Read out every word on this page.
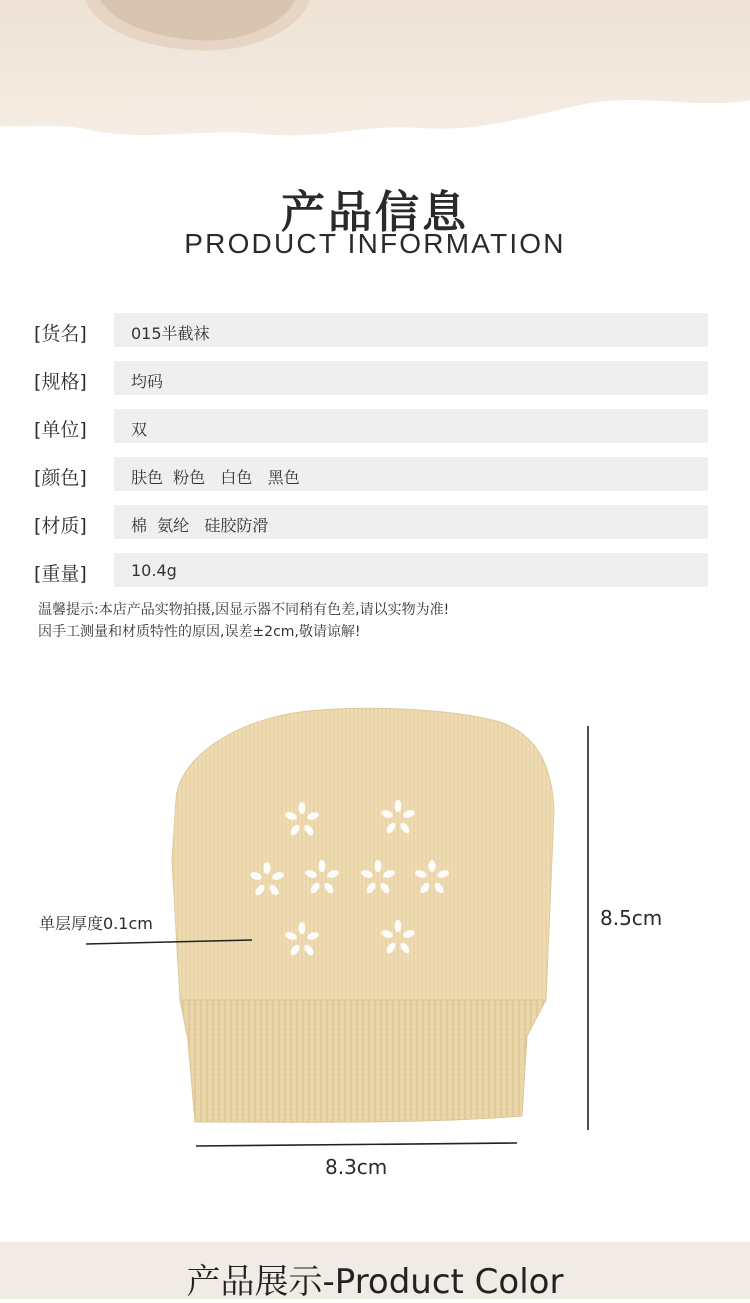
产品信息
PRODUCT INFORMATION
[货名]	015半截袜
[规格]	均码
[单位]	双
[颜色]	肤色  粉色   白色   黑色
[材质]	棉  氨纶   硅胶防滑
[重量]	10.4g
温馨提示:本店产品实物拍摄,因显示器不同稍有色差,请以实物为准!
因手工测量和材质特性的原因,误差±2cm,敬请谅解!
8.5cm
8.3cm
单层厚度0.1cm
产品展示-Product Color
